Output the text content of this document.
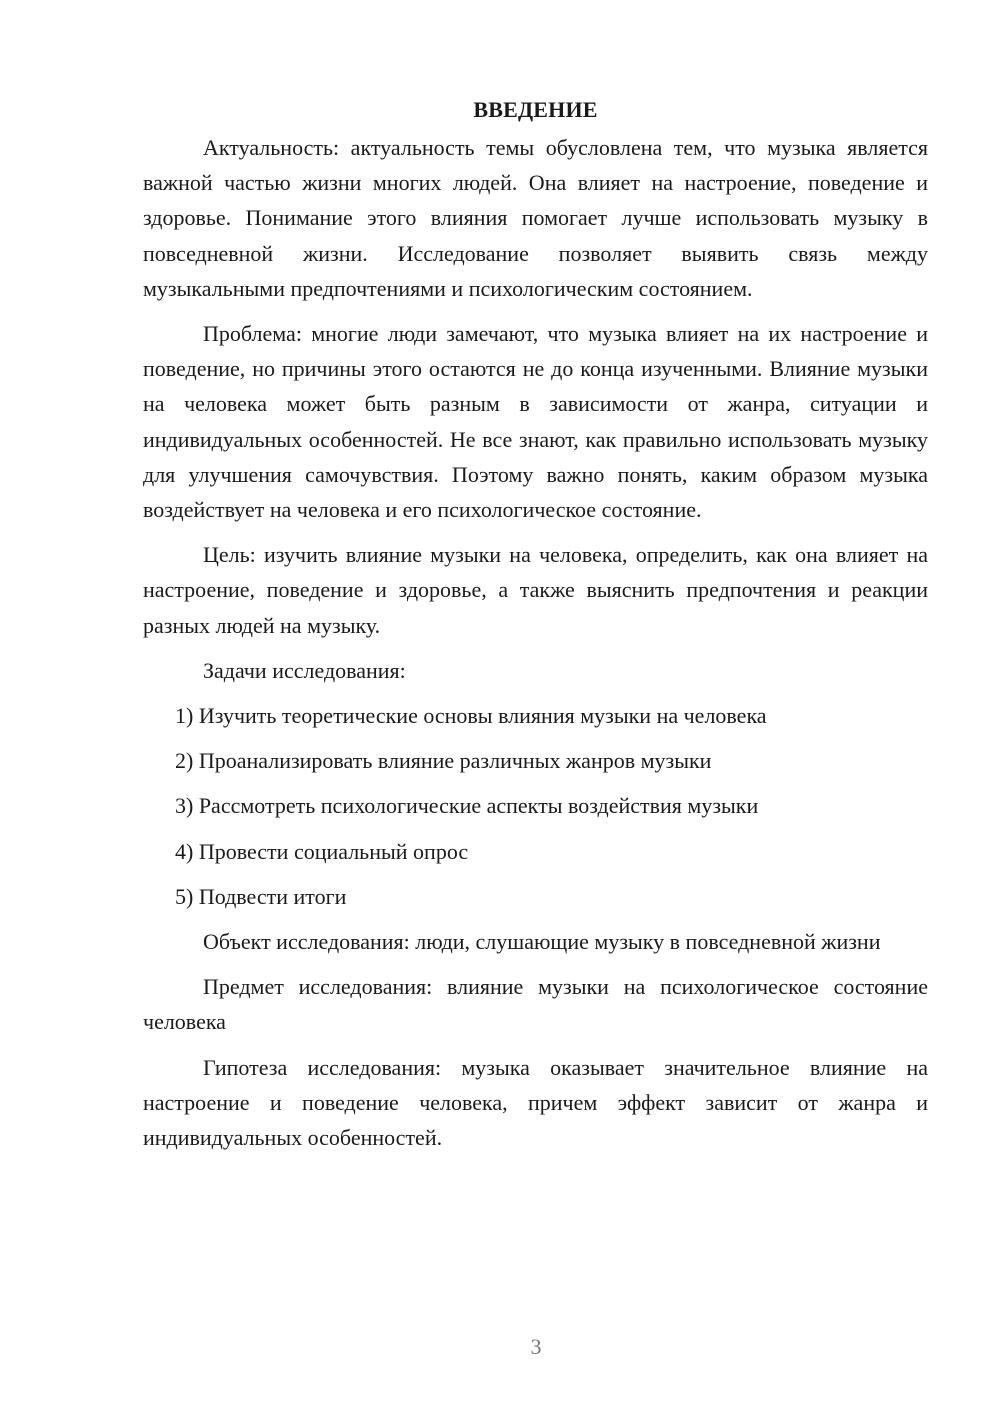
ВВЕДЕНИЕ

Актуальность: актуальность темы обусловлена тем, что музыка является важной частью жизни многих людей. Она влияет на настроение, поведение и здоровье. Понимание этого влияния помогает лучше использовать музыку в повседневной жизни. Исследование позволяет выявить связь между музыкальными предпочтениями и психологическим состоянием.

Проблема: многие люди замечают, что музыка влияет на их настроение и поведение, но причины этого остаются не до конца изученными. Влияние музыки на человека может быть разным в зависимости от жанра, ситуации и индивидуальных особенностей. Не все знают, как правильно использовать музыку для улучшения самочувствия. Поэтому важно понять, каким образом музыка воздействует на человека и его психологическое состояние.

Цель: изучить влияние музыки на человека, определить, как она влияет на настроение, поведение и здоровье, а также выяснить предпочтения и реакции разных людей на музыку.

Задачи исследования:

1) Изучить теоретические основы влияния музыки на человека
2) Проанализировать влияние различных жанров музыки
3) Рассмотреть психологические аспекты воздействия музыки
4) Провести социальный опрос
5) Подвести итоги

Объект исследования: люди, слушающие музыку в повседневной жизни

Предмет исследования: влияние музыки на психологическое состояние человека

Гипотеза исследования: музыка оказывает значительное влияние на настроение и поведение человека, причем эффект зависит от жанра и индивидуальных особенностей.

3
